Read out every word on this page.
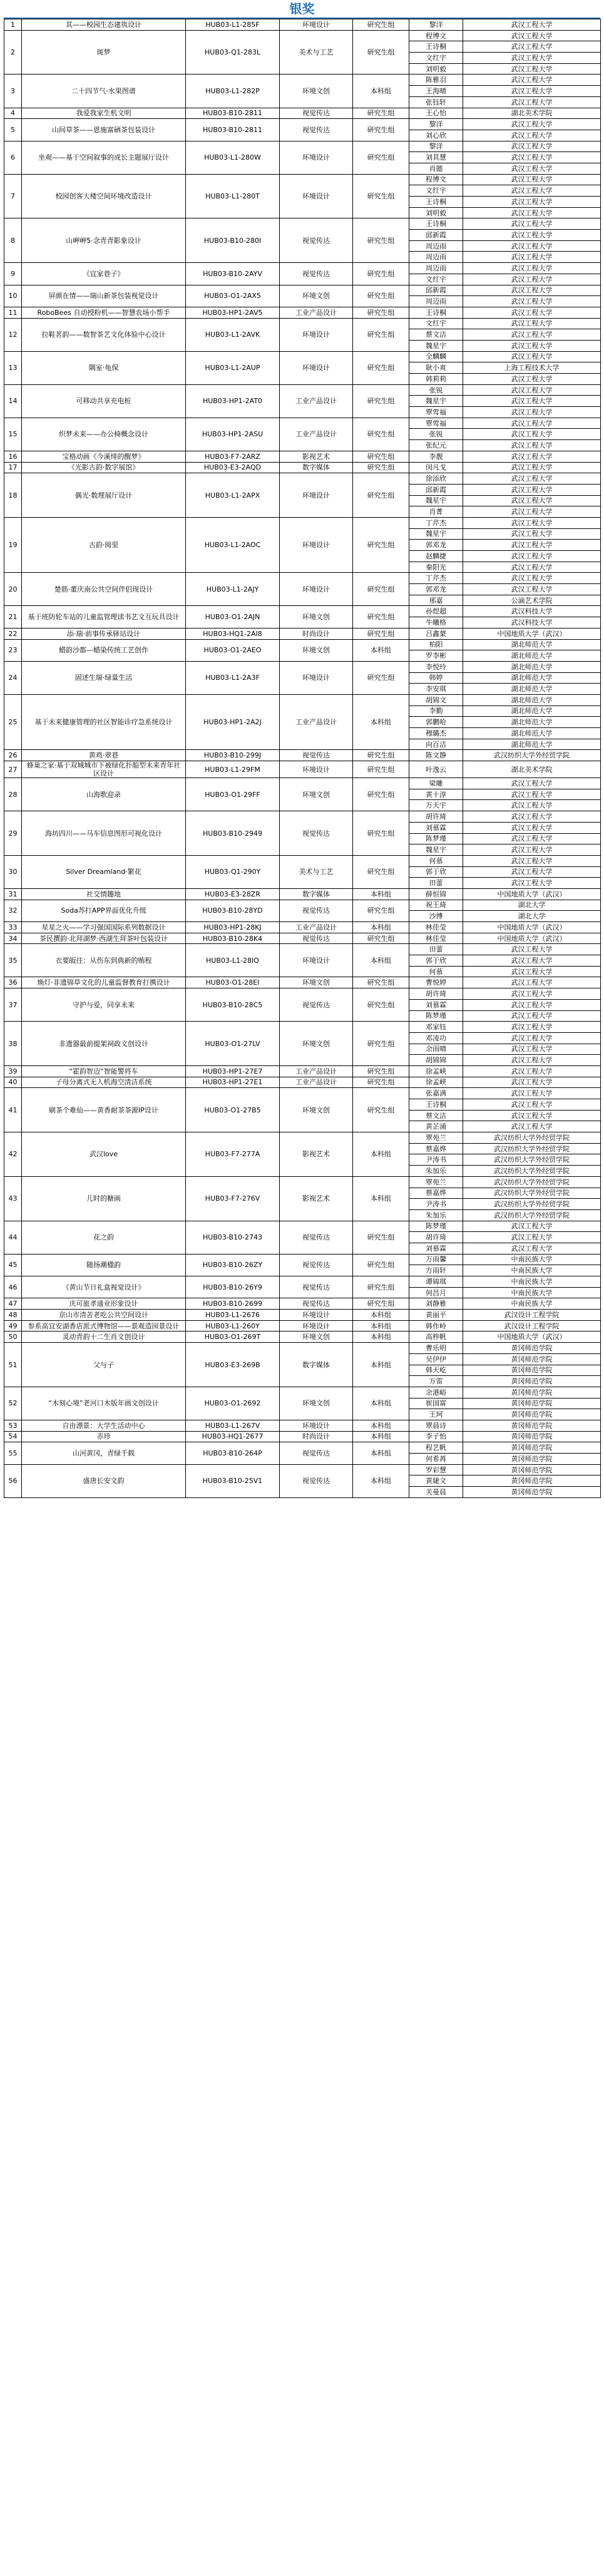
银奖
1	其——校园生态建筑设计	HUB03-L1-285F	环境设计	研究生组	黎洋	武汉工程大学
2	斑梦	HUB03-Q1-283L	美术与工艺	研究生组	程博文	武汉工程大学
					王诗桐	武汉工程大学
					文红宇	武汉工程大学
					刘明毅	武汉工程大学
3	二十四节气·水果图谱	HUB03-L1-282P	环境文创	本科组	陈雅羽	武汉工程大学
					王海晴	武汉工程大学
					张钰轩	武汉工程大学
4	我爱我家生机文明	HUB03-B10-2811	视觉传达	研究生组	王心怡	湖北美术学院
5	山间草茶——恩施富硒茶包装设计	HUB03-B10-2811	视觉传达	研究生组	黎洋	武汉工程大学
					刘心欣	武汉工程大学
6	坐观——基于空间叙事的成长主题展厅设计	HUB03-L1-280W	环境设计	研究生组	黎洋	武汉工程大学
					刘其慧	武汉工程大学
					肖懿	武汉工程大学
7	校园创客大楼空间环境改造设计	HUB03-L1-280T	环境设计	研究生组	程博文	武汉工程大学
					文红宇	武汉工程大学
					王诗桐	武汉工程大学
					刘明毅	武汉工程大学
8	山岬岬5·念青青影象设计	HUB03-B10-280I	视觉传达	研究生组	王诗桐	武汉工程大学
					邱新霞	武汉工程大学
					周迈雨	武汉工程大学
					周迈雨	武汉工程大学
9	《宜家巷子》	HUB03-B10-2AYV	视觉传达	研究生组	周迈雨	武汉工程大学
					文红宇	武汉工程大学
10	屏颜在情——瑞山新茶包装视觉设计	HUB03-O1-2AX5	环境文创	研究生组	邱新霞	武汉工程大学
					周迈雨	武汉工程大学
11	RoboBees 自动授粉机——智慧农场小帮手	HUB03-HP1-2AV5	工业产品设计	研究生组	王诗桐	武汉工程大学
12	拉鞋茗韵——数智茶艺文化体验中心设计	HUB03-L1-2AVK	环境设计	研究生组	文红宇	武汉工程大学
					蔡文洁	武汉工程大学
					魏星宇	武汉工程大学
13	隅室·龟保	HUB03-L1-2AUP	环境设计	研究生组	全麟麟	武汉工程大学
					耿小爽	上海工程技术大学
					韩莉莉	武汉工程大学
14	可移动共享充电桩	HUB03-HP1-2AT0	工业产品设计	研究生组	张锐	武汉工程大学
					魏星宇	武汉工程大学
					覃莺福	武汉工程大学
15	织梦未来——办公椅概念设计	HUB03-HP1-2ASU	工业产品设计	研究生组	覃莺福	武汉工程大学
					张锐	武汉工程大学
					张纪元	武汉工程大学
16	宝格动画《今溪绯的醒梦》	HUB03-F7-2ARZ	影视艺术	研究生组	李靓	武汉工程大学
17	《光影古韵·数字展馆》	HUB03-E3-2AQD	数字媒体	研究生组	闵凡戈	武汉工程大学
18	偶光·数理展厅设计	HUB03-L1-2APX	环境设计	研究生组	徐添欣	武汉工程大学
					邱新霞	武汉工程大学
					魏星宇	武汉工程大学
					肖菁	武汉工程大学
19	古韵·阅里	HUB03-L1-2AOC	环境设计	研究生组	丁芹杰	武汉工程大学
					魏星宇	武汉工程大学
					郭邓龙	武汉工程大学
					赵麟捷	武汉工程大学
					秦阳光	武汉工程大学
20	楚筋·董庆南公共空间伴侣现设计	HUB03-L1-2AJY	环境设计	研究生组	丁芹杰	武汉工程大学
					郭邓龙	武汉工程大学
					邢嘉	公滴艺术学院
21	基于班防轮车站的儿童监管理读书艺文互玩具设计	HUB03-O1-2AJN	环境文创	研究生组	孙煜超	武汉科技大学
					牛曦格	武汉科技大学
22	添·瑞·前事传承驿站设计	HUB03-HQ1-2AI8	时尚设计	研究生组	吕鑫蒙	中国地质大学（武汉）
23	蜡韵沙都—蜡染传统工艺创作	HUB03-O1-2AEO	环境文创	本科组	柏阳	湖北师范大学
					罗李彬	湖北师范大学
24	固述生瑞·绿量生活	HUB03-L1-2A3F	环境设计	研究生组	李悦玲	湖北师范大学
					韩婷	湖北师范大学
					李安琪	湖北师范大学
25	基于未来健康管理的社区智能诊疗急系统设计	HUB03-HP1-2A2J	工业产品设计	本科组	胡锦文	湖北师范大学
					李勤	湖北师范大学
					郭鹏哈	湖北师范大学
					穆璐杰	湖北师范大学
					向百洁	湖北师范大学
26	黄鸡·翠巷	HUB03-B10-299J	视觉传达	研究生组	陈文静	武汉纺织大学外经贸学院
27	蜂巢之家·基于双城城市下被绿化扑船型未来青年社区设计	HUB03-L1-29FM	环境设计	研究生组	叶逸云	湖北美术学院
28	山海歌迎录	HUB03-O1-29FF	环境文创	研究生组	梁雕	武汉工程大学
					黄十淳	武汉工程大学
					万天宇	武汉工程大学
29	海坊四川——马车信息图形可视化设计	HUB03-B10-2949	视觉传达	研究生组	胡许琦	武汉工程大学
					刘慕霖	武汉工程大学
					陈梦瑾	武汉工程大学
					魏星宇	武汉工程大学
30	Silver Dreamland·繁花	HUB03-Q1-290Y	美术与工艺	研究生组	何慕	武汉工程大学
					郭于欣	武汉工程大学
					田蕾	武汉工程大学
31	社交情趣地	HUB03-E3-28ZR	数字媒体	本科组	薛恒锦	中国地质大学（武汉）
32	Soda苏打APP界面优化升级	HUB03-B10-28YD	视觉传达	研究生组	祝王琦	湖北大学
					沙博	湖北大学
33	星星之火——学习强国国际系列数据设计	HUB03-HP1-28KJ	工业产品设计	本科组	林佳莹	中国地质大学（武汉）
34	茶民撰韵·北拜湖梦·西湖生拜茶叶包装设计	HUB03-B10-28K4	视觉传达	研究生组	林佳莹	中国地质大学（武汉）
35	衣要皈往：从伤东到典新的贿程	HUB03-L1-28IO	环境设计	本科组	田蕾	武汉工程大学
					郭于欣	武汉工程大学
					何慕	武汉工程大学
36	焕灯·非遗锦草文化的儿童监督教育打携设计	HUB03-O1-28EI	环境文创	研究生组	曹悦婷	武汉工程大学
37	守护与爱，同享未来	HUB03-B10-28C5	视觉传达	研究生组	胡许琦	武汉工程大学
					刘慕霖	武汉工程大学
					陈梦瑾	武汉工程大学
38	非遗器最前提架祠政文创设计	HUB03-O1-27LV	环境文创	研究生组	邓家钰	武汉工程大学
					邓凌功	武汉工程大学
					余雨晴	武汉工程大学
					胡锦锦	武汉工程大学
39	“霍韵智迈”智能警将车	HUB03-HP1-27E7	工业产品设计	研究生组	徐孟峡	武汉工程大学
40	子母分离式无人机海空清洁系统	HUB03-HP1-27E1	工业产品设计	研究生组	徐孟峡	武汉工程大学
41	刷茶个难仙——黄香耐茶茶源IP设计	HUB03-O1-27B5	环境文创	研究生组	张嘉满	武汉工程大学
					王诗桐	武汉工程大学
					蔡文洁	武汉工程大学
					黄芷涌	武汉工程大学
42	武汉love	HUB03-F7-277A	影视艺术	本科组	覃苑兰	武汉纺织大学外经贸学院
					蔡嘉烨	武汉纺织大学外经贸学院
					尹涛书	武汉纺织大学外经贸学院
					朱加乐	武汉纺织大学外经贸学院
43	儿时的糖画	HUB03-F7-276V	影视艺术	本科组	覃苑兰	武汉纺织大学外经贸学院
					蔡嘉烨	武汉纺织大学外经贸学院
					尹涛书	武汉纺织大学外经贸学院
					朱加乐	武汉纺织大学外经贸学院
44	花之韵	HUB03-B10-2743	视觉传达	研究生组	陈梦瑾	武汉工程大学
					胡许琦	武汉工程大学
					刘慕霖	武汉工程大学
45	随扬潮楹韵	HUB03-B10-26ZY	视觉传达	研究生组	万雨馨	中南民族大学
					方雨轩	中南民族大学
46	《黄山节日礼盒视觉设计》	HUB03-B10-26Y9	视觉传达	研究生组	谭锦琪	中南民族大学
					何昌月	中南民族大学
47	庆可旅孝通业形象设计	HUB03-B10-2699	视觉传达	研究生组	刘静雅	中南民族大学
48	京山市清苦老吃公共空间设计	HUB03-L1-2676	环境设计	本科组	黄丽平	武汉设计工程学院
49	参系高宜安湖香店派式博物馆——景观造园景设计	HUB03-L1-260Y	环境设计	本科组	韩作岭	武汉设计工程学院
50	灵动青韵十二生肖文创设计	HUB03-O1-269T	环境文创	本科组	高梓帆	中国地质大学（武汉）
51	父与子	HUB03-E3-269B	数字媒体	本科组	曹乐明	黄冈师范学院
					吴伊伊	黄冈师范学院
					韩天屹	黄冈师范学院
					万雷	黄冈师范学院
52	“木刻心境”老河口木版年画文创设计	HUB03-O1-2692	环境文创	本科组	余港峪	黄冈师范学院
					崔国富	黄冈师范学院
					王珂	黄冈师范学院
53	自由漂景：大学生活动中心	HUB03-L1-267V	环境设计	本科组	覃晨诗	黄冈师范学院
54	赤珍	HUB03-HQ1-2677	时尚设计	本科组	李子怡	黄冈师范学院
55	山河黄冈，青绿千载	HUB03-B10-264P	视觉传达	本科组	程艺帆	黄冈师范学院
					何希苒	黄冈师范学院
56	盛唐长安文韵	HUB03-B10-25V1	视觉传达	本科组	罗彩慧	黄冈师范学院
					黄婕文	黄冈师范学院
					关曼晨	黄冈师范学院
